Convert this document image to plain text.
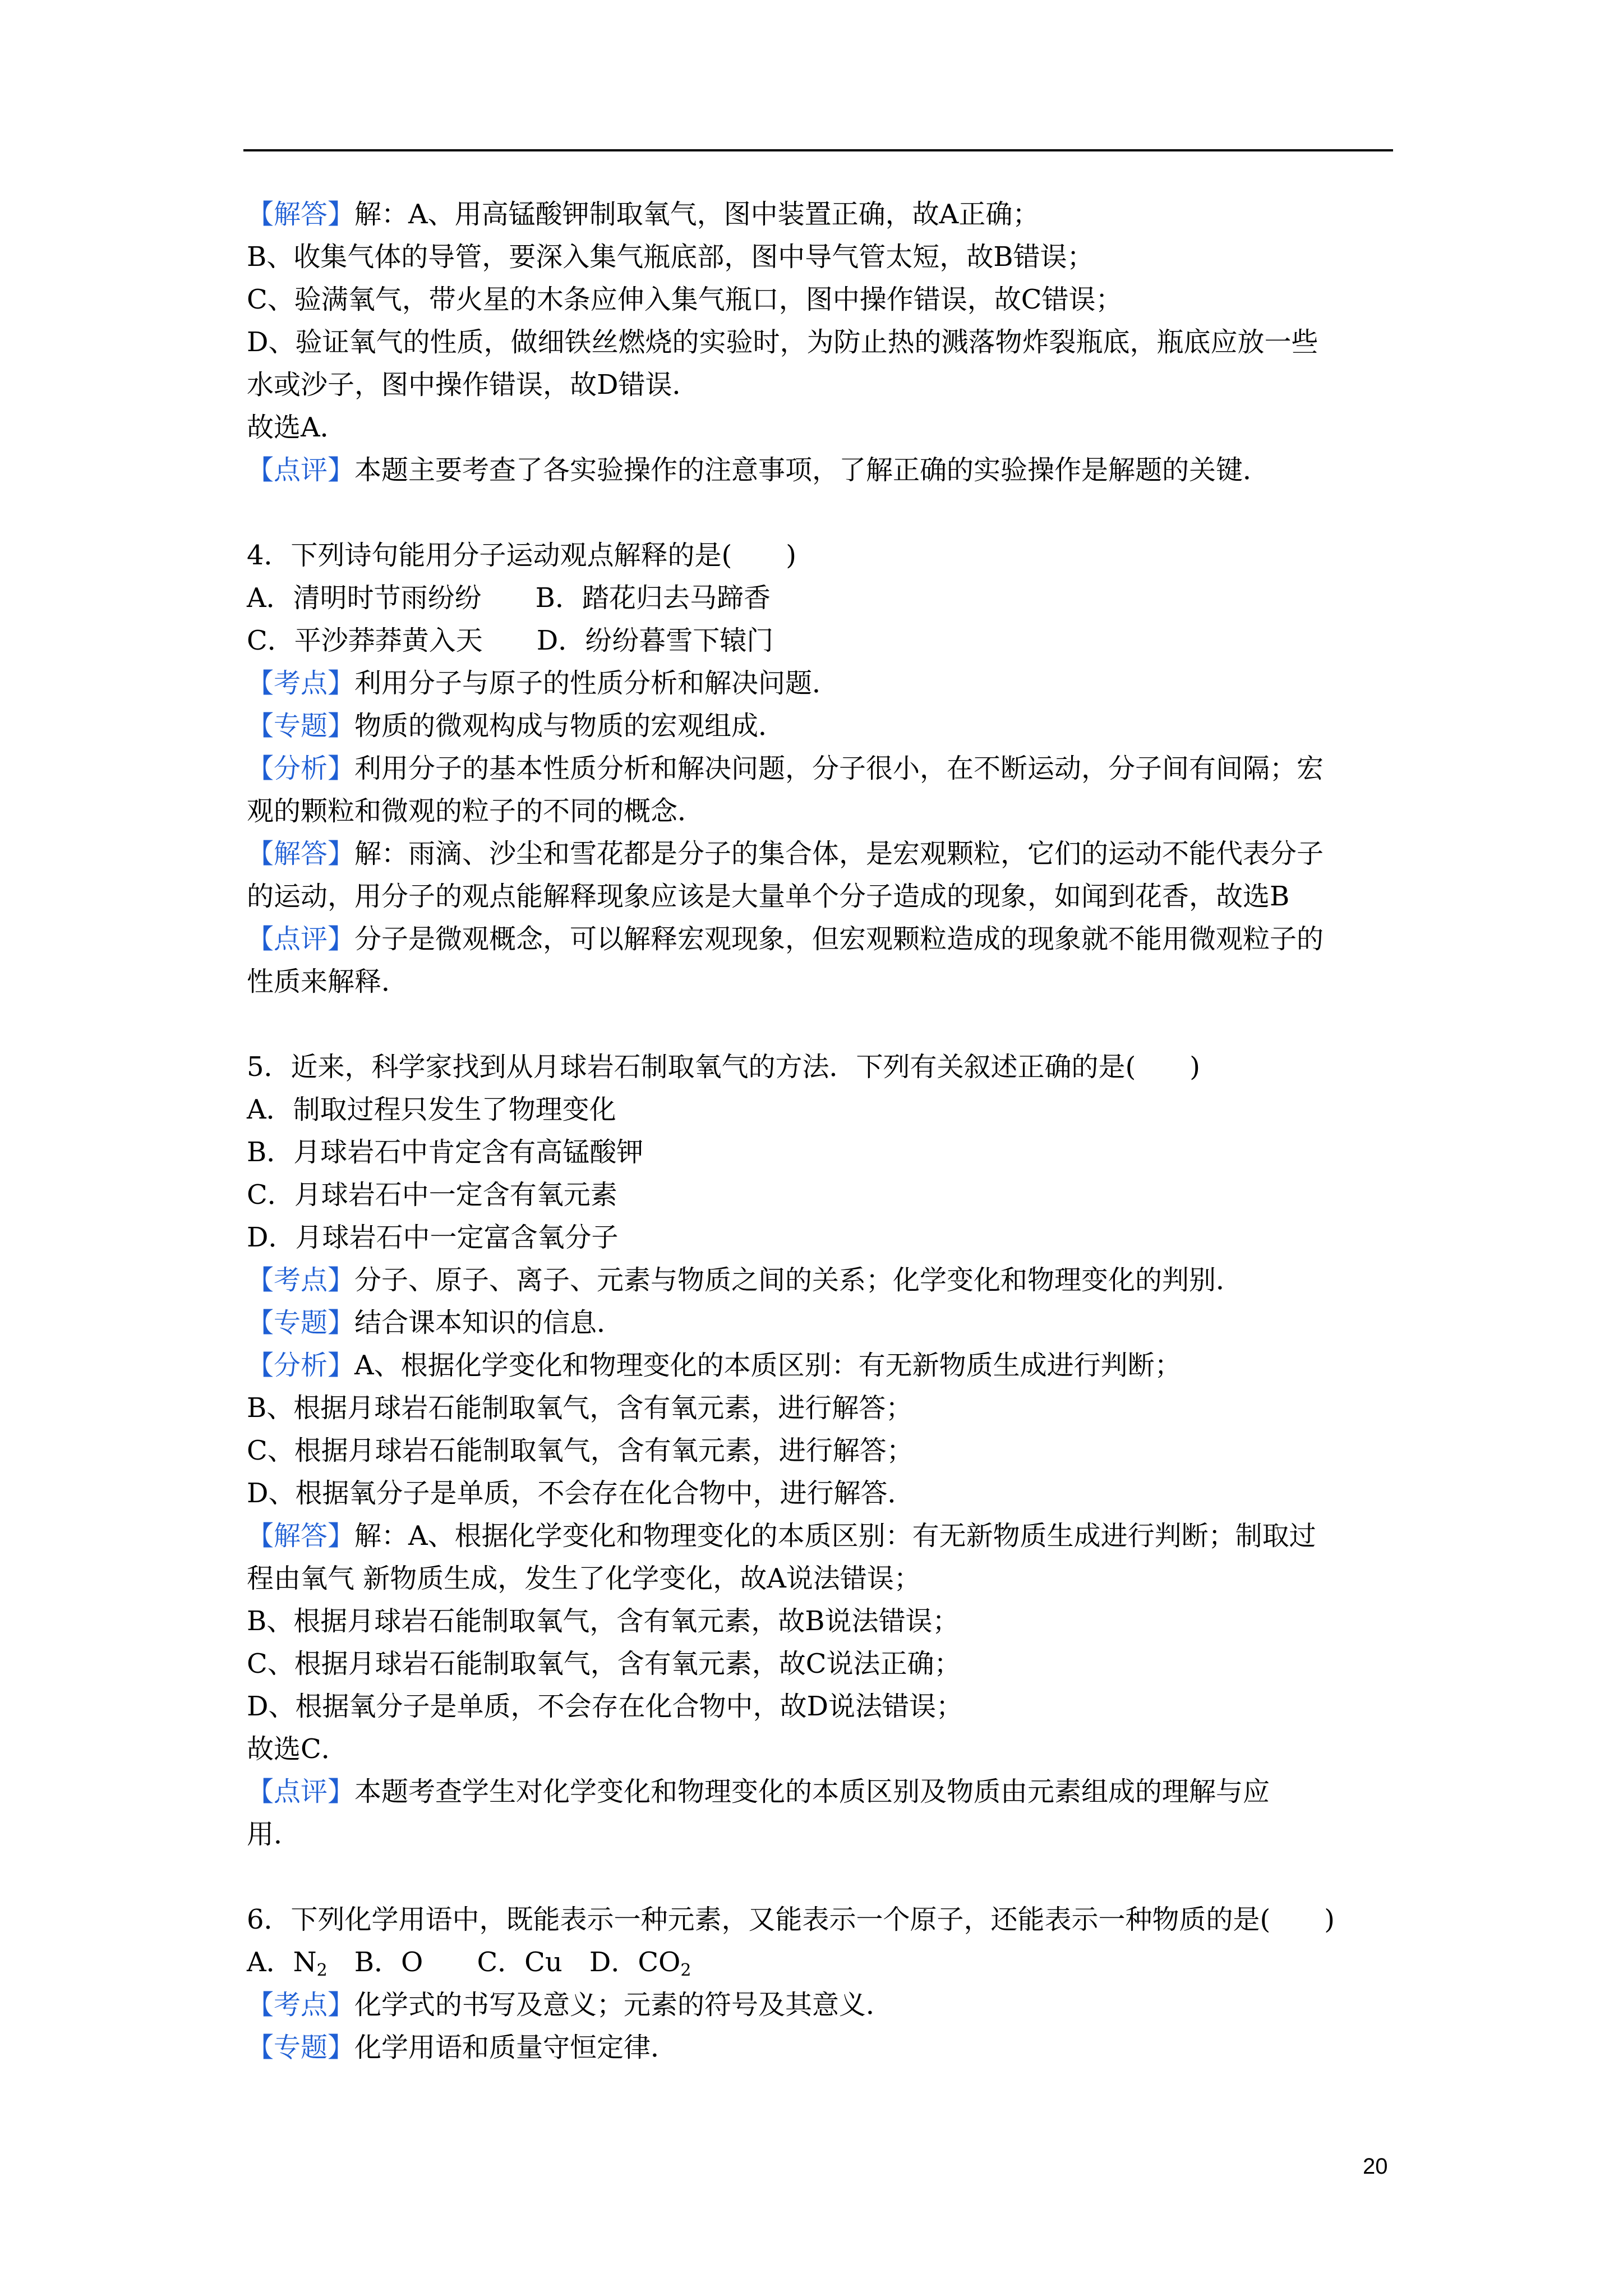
【解答】解：A、用高锰酸钾制取氧气，图中装置正确，故A正确；
B、收集气体的导管，要深入集气瓶底部，图中导气管太短，故B错误；
C、验满氧气，带火星的木条应伸入集气瓶口，图中操作错误，故C错误；
D、验证氧气的性质，做细铁丝燃烧的实验时，为防止热的溅落物炸裂瓶底，瓶底应放一些
水或沙子，图中操作错误，故D错误．
故选A．
【点评】本题主要考查了各实验操作的注意事项，了解正确的实验操作是解题的关键．
4．下列诗句能用分子运动观点解释的是(　　)
A．清明时节雨纷纷　　B．踏花归去马蹄香
C．平沙莽莽黄入天　　D．纷纷暮雪下辕门
【考点】利用分子与原子的性质分析和解决问题．
【专题】物质的微观构成与物质的宏观组成．
【分析】利用分子的基本性质分析和解决问题，分子很小，在不断运动，分子间有间隔；宏
观的颗粒和微观的粒子的不同的概念．
【解答】解：雨滴、沙尘和雪花都是分子的集合体，是宏观颗粒，它们的运动不能代表分子
的运动，用分子的观点能解释现象应该是大量单个分子造成的现象，如闻到花香，故选B
【点评】分子是微观概念，可以解释宏观现象，但宏观颗粒造成的现象就不能用微观粒子的
性质来解释．
5．近来，科学家找到从月球岩石制取氧气的方法．下列有关叙述正确的是(　　)
A．制取过程只发生了物理变化
B．月球岩石中肯定含有高锰酸钾
C．月球岩石中一定含有氧元素
D．月球岩石中一定富含氧分子
【考点】分子、原子、离子、元素与物质之间的关系；化学变化和物理变化的判别．
【专题】结合课本知识的信息．
【分析】A、根据化学变化和物理变化的本质区别：有无新物质生成进行判断；
B、根据月球岩石能制取氧气，含有氧元素，进行解答；
C、根据月球岩石能制取氧气，含有氧元素，进行解答；
D、根据氧分子是单质，不会存在化合物中，进行解答．
【解答】解：A、根据化学变化和物理变化的本质区别：有无新物质生成进行判断；制取过
程由氧气 新物质生成，发生了化学变化，故A说法错误；
B、根据月球岩石能制取氧气，含有氧元素，故B说法错误；
C、根据月球岩石能制取氧气，含有氧元素，故C说法正确；
D、根据氧分子是单质，不会存在化合物中，故D说法错误；
故选C．
【点评】本题考查学生对化学变化和物理变化的本质区别及物质由元素组成的理解与应
用．
6．下列化学用语中，既能表示一种元素，又能表示一个原子，还能表示一种物质的是(　　)
A．$N_2$　 B．O　　 C．Cu　 D．$CO_2$
【考点】化学式的书写及意义；元素的符号及其意义．
【专题】化学用语和质量守恒定律．
20
